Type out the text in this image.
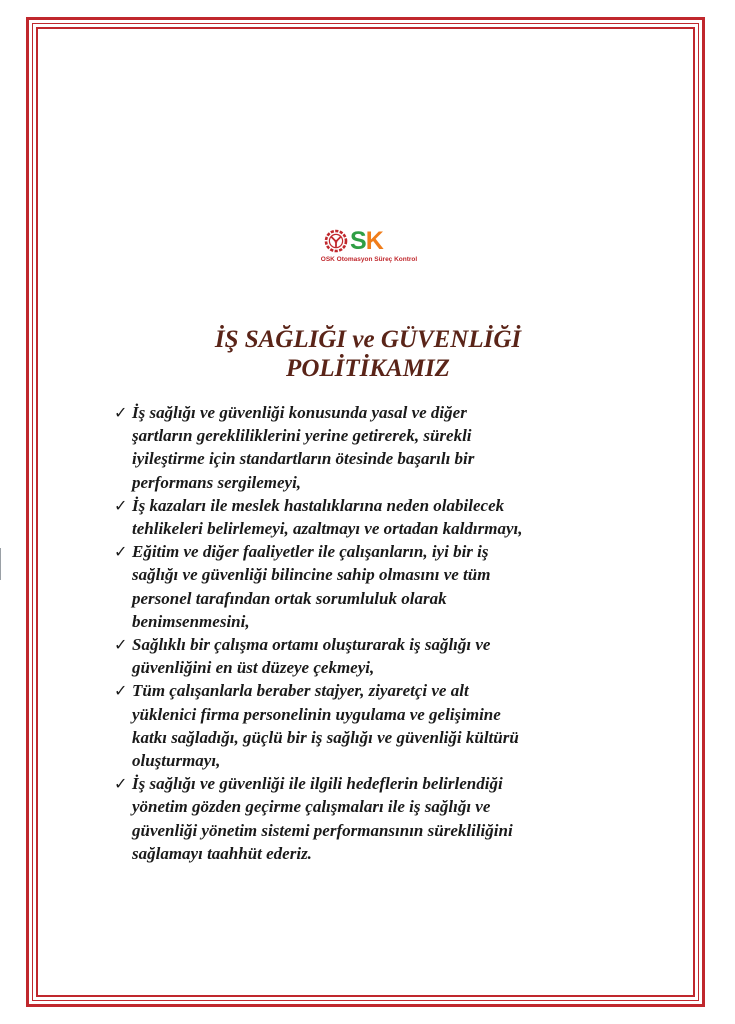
SK
OSK Otomasyon Süreç Kontrol
İŞ SAĞLIĞI ve GÜVENLİĞİ
POLİTİKAMIZ
✓ İş sağlığı ve güvenliği konusunda yasal ve diğer
şartların gerekliliklerini yerine getirerek, sürekli
iyileştirme için standartların ötesinde başarılı bir
performans sergilemeyi,
✓ İş kazaları ile meslek hastalıklarına neden olabilecek
tehlikeleri belirlemeyi, azaltmayı ve ortadan kaldırmayı,
✓ Eğitim ve diğer faaliyetler ile çalışanların, iyi bir iş
sağlığı ve güvenliği bilincine sahip olmasını ve tüm
personel tarafından ortak sorumluluk olarak
benimsenmesini,
✓ Sağlıklı bir çalışma ortamı oluşturarak iş sağlığı ve
güvenliğini en üst düzeye çekmeyi,
✓ Tüm çalışanlarla beraber stajyer, ziyaretçi ve alt
yüklenici firma personelinin uygulama ve gelişimine
katkı sağladığı, güçlü bir iş sağlığı ve güvenliği kültürü
oluşturmayı,
✓ İş sağlığı ve güvenliği ile ilgili hedeflerin belirlendiği
yönetim gözden geçirme çalışmaları ile iş sağlığı ve
güvenliği yönetim sistemi performansının sürekliliğini
sağlamayı taahhüt ederiz.
